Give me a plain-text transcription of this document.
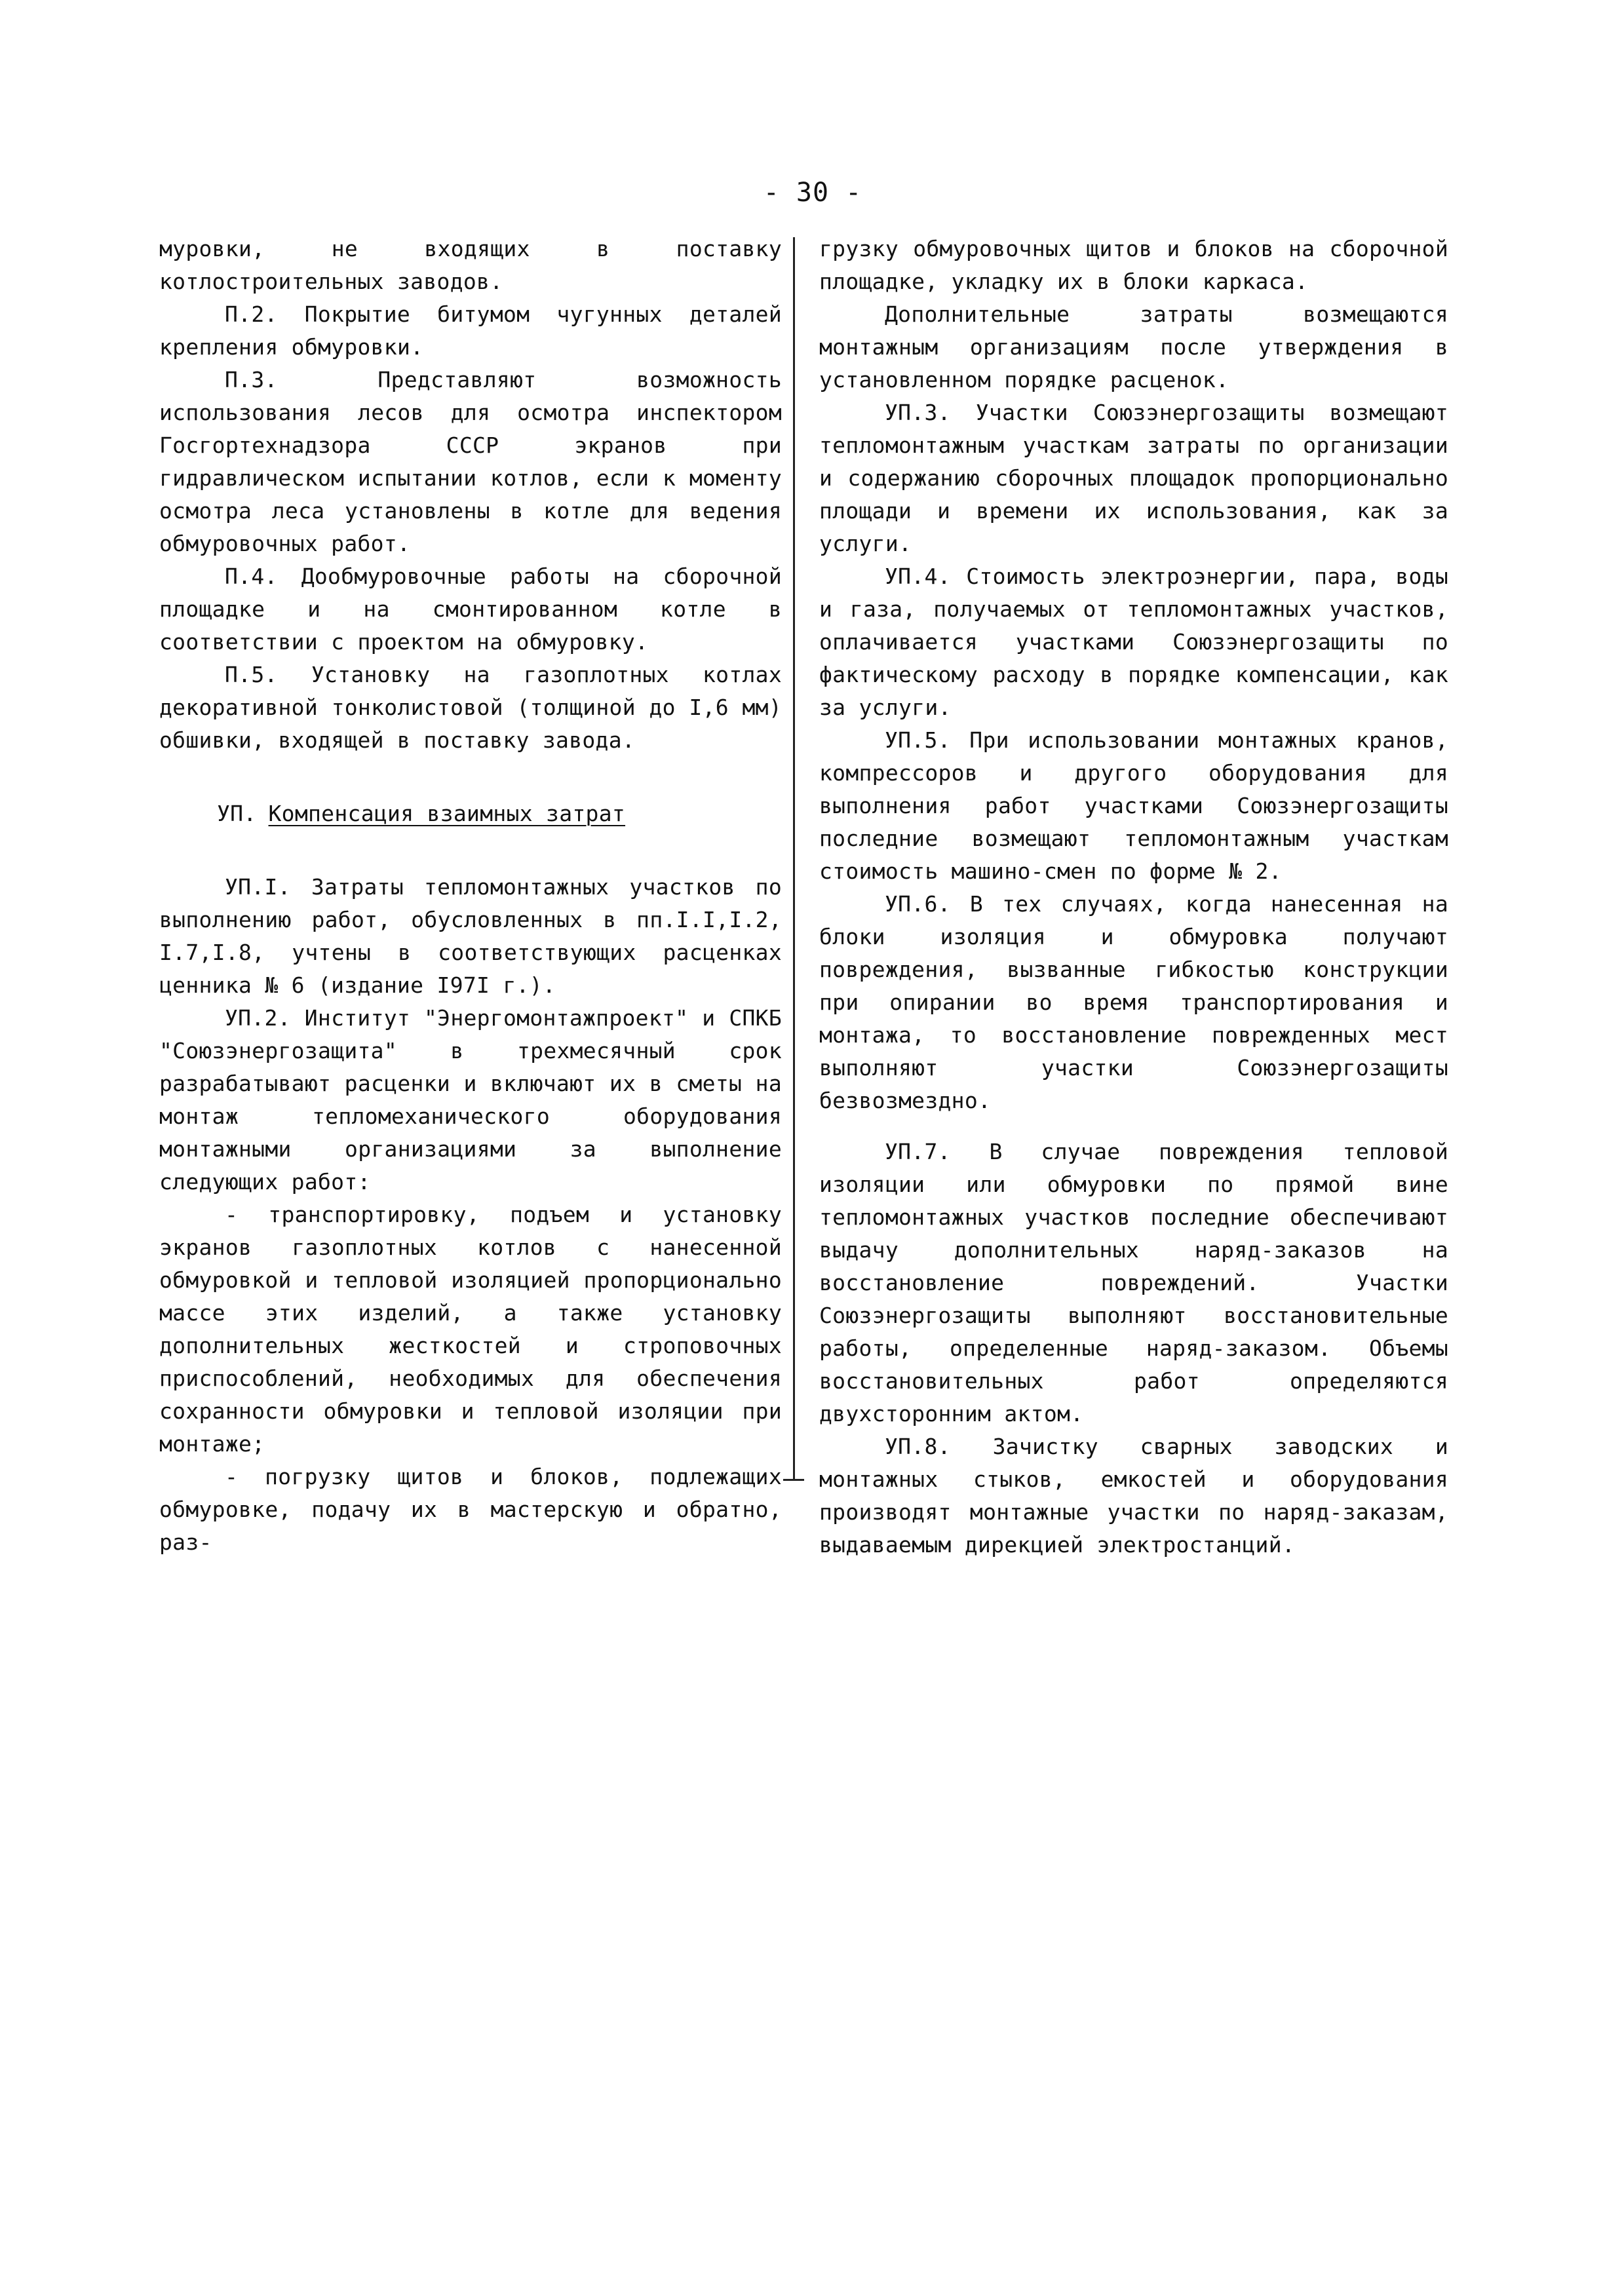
- 30 -

муровки, не входящих в поставку котлостроительных заводов.

П.2. Покрытие битумом чугунных деталей крепления обмуровки.

П.3. Представляют возможность использования лесов для осмотра инспектором Госгортехнадзора СССР экранов при гидравлическом испытании котлов, если к моменту осмотра леса установлены в котле для ведения обмуровочных работ.

П.4. Дообмуровочные работы на сборочной площадке и на смонтированном котле в соответствии с проектом на обмуровку.

П.5. Установку на газоплотных котлах декоративной тонколистовой (толщиной до I,6 мм) обшивки, входящей в поставку завода.

УП. Компенсация взаимных затрат

УП.I. Затраты тепломонтажных участков по выполнению работ, обусловленных в пп.I.I,I.2, I.7,I.8, учтены в соответствующих расценках ценника № 6 (издание I97I г.).

УП.2. Институт "Энергомонтажпроект" и СПКБ "Союзэнергозащита" в трехмесячный срок разрабатывают расценки и включают их в сметы на монтаж тепломеханического оборудования монтажными организациями за выполнение следующих работ:

- транспортировку, подъем и установку экранов газоплотных котлов с нанесенной обмуровкой и тепловой изоляцией пропорционально массе этих изделий, а также установку дополнительных жесткостей и строповочных приспособлений, необходимых для обеспечения сохранности обмуровки и тепловой изоляции при монтаже;

- погрузку щитов и блоков, подлежащих обмуровке, подачу их в мастерскую и обратно, раз-

грузку обмуровочных щитов и блоков на сборочной площадке, укладку их в блоки каркаса.

Дополнительные затраты возмещаются монтажным организациям после утверждения в установленном порядке расценок.

УП.3. Участки Союзэнергозащиты возмещают тепломонтажным участкам затраты по организации и содержанию сборочных площадок пропорционально площади и времени их использования, как за услуги.

УП.4. Стоимость электроэнергии, пара, воды и газа, получаемых от тепломонтажных участков, оплачивается участками Союзэнергозащиты по фактическому расходу в порядке компенсации, как за услуги.

УП.5. При использовании монтажных кранов, компрессоров и другого оборудования для выполнения работ участками Союзэнергозащиты последние возмещают тепломонтажным участкам стоимость машино-смен по форме № 2.

УП.6. В тех случаях, когда нанесенная на блоки изоляция и обмуровка получают повреждения, вызванные гибкостью конструкции при опирании во время транспортирования и монтажа, то восстановление поврежденных мест выполняют участки Союзэнергозащиты безвозмездно.

УП.7. В случае повреждения тепловой изоляции или обмуровки по прямой вине тепломонтажных участков последние обеспечивают выдачу дополнительных наряд-заказов на восстановление повреждений. Участки Союзэнергозащиты выполняют восстановительные работы, определенные наряд-заказом. Объемы восстановительных работ определяются двухсторонним актом.

УП.8. Зачистку сварных заводских и монтажных стыков, емкостей и оборудования производят монтажные участки по наряд-заказам, выдаваемым дирекцией электростанций.
